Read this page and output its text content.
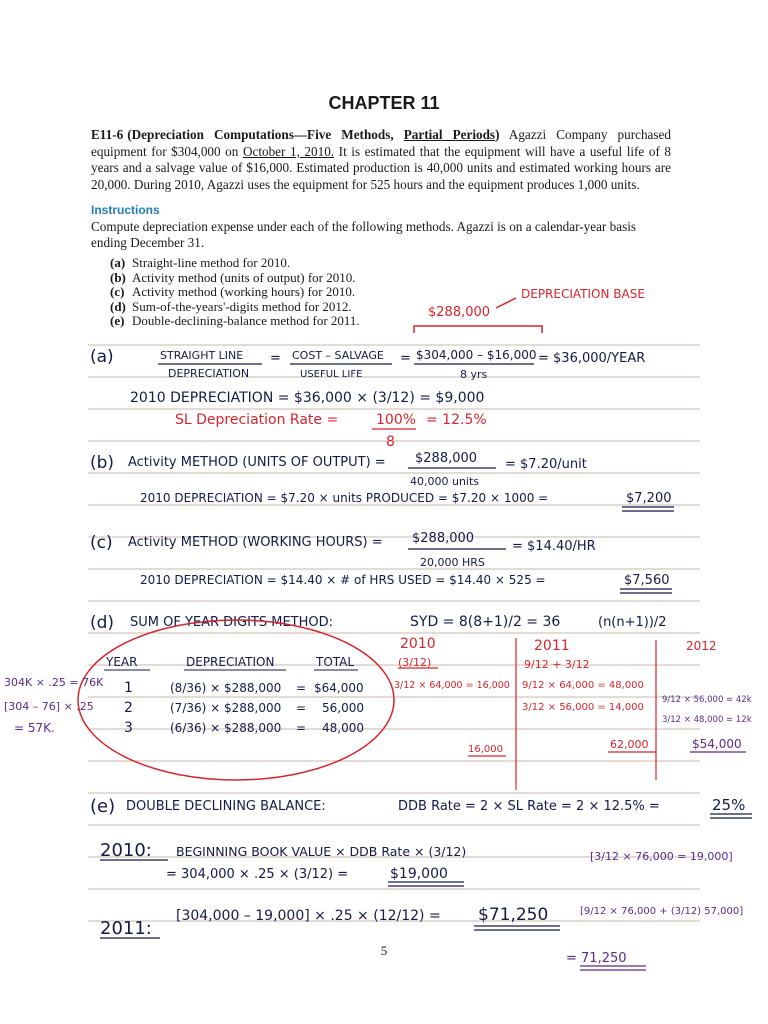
CHAPTER 11
E11-6 (Depreciation Computations—Five Methods, Partial Periods) Agazzi Company purchased equipment for $304,000 on October 1, 2010. It is estimated that the equipment will have a useful life of 8 years and a salvage value of $16,000. Estimated production is 40,000 units and estimated working hours are 20,000. During 2010, Agazzi uses the equipment for 525 hours and the equipment produces 1,000 units.
Instructions
Compute depreciation expense under each of the following methods. Agazzi is on a calendar-year basis ending December 31.
(a) Straight-line method for 2010.
(b) Activity method (units of output) for 2010.
(c) Activity method (working hours) for 2010.
(d) Sum-of-the-years'-digits method for 2012.
(e) Double-declining-balance method for 2011.
$288,000
DEPRECIATION BASE
(a)	STRAIGHT LINE
DEPRECIATION
= COST – SALVAGE
USEFUL LIFE
= $304,000 – $16,000
8 yrs
= $36,000/YEAR
2010 DEPRECIATION = $36,000 × (3/12) = $9,000
SL Depreciation Rate =	100%
8
= 12.5%
(b) Activity METHOD (UNITS OF OUTPUT) = $288,000
40,000 units
= $7.20/unit
2010 DEPRECIATION = $7.20 × units PRODUCED = $7.20 × 1000 =	$7,200
(c) Activity METHOD (WORKING HOURS) = $288,000
20,000 HRS
= $14.40/HR
2010 DEPRECIATION = $14.40 × # of HRS USED = $14.40 × 525 =	$7,560
(d) SUM OF YEAR DIGITS METHOD:	SYD = 8(8+1)/2 = 36	(n(n+1))/2
YEAR	DEPRECIATION	TOTAL
1	(8/36) × $288,000 = $64,000
2	(7/36) × $288,000 = 56,000
3	(6/36) × $288,000 = 48,000
304K × .25 = 76K
[304 – 76] × .25
= 57K.
2010
(3/12)
3/12 × 64,000 = 16,000
16,000
2011
9/12 + 3/12
9/12 × 64,000 = 48,000
3/12 × 56,000 = 14,000
62,000
2012
9/12 × 56,000 = 42k
3/12 × 48,000 = 12k
$54,000
(e) DOUBLE DECLINING BALANCE:	DDB Rate = 2 × SL Rate = 2 × 12.5% =	25%
2010: BEGINNING BOOK VALUE × DDB Rate × (3/12)
= 304,000 × .25 × (3/12) =	$19,000
2011:
[304,000 – 19,000] × .25 × (12/12) = $71,250
[3/12 × 76,000 = 19,000]
[9/12 × 76,000 + (3/12) 57,000]
= 71,250
5
